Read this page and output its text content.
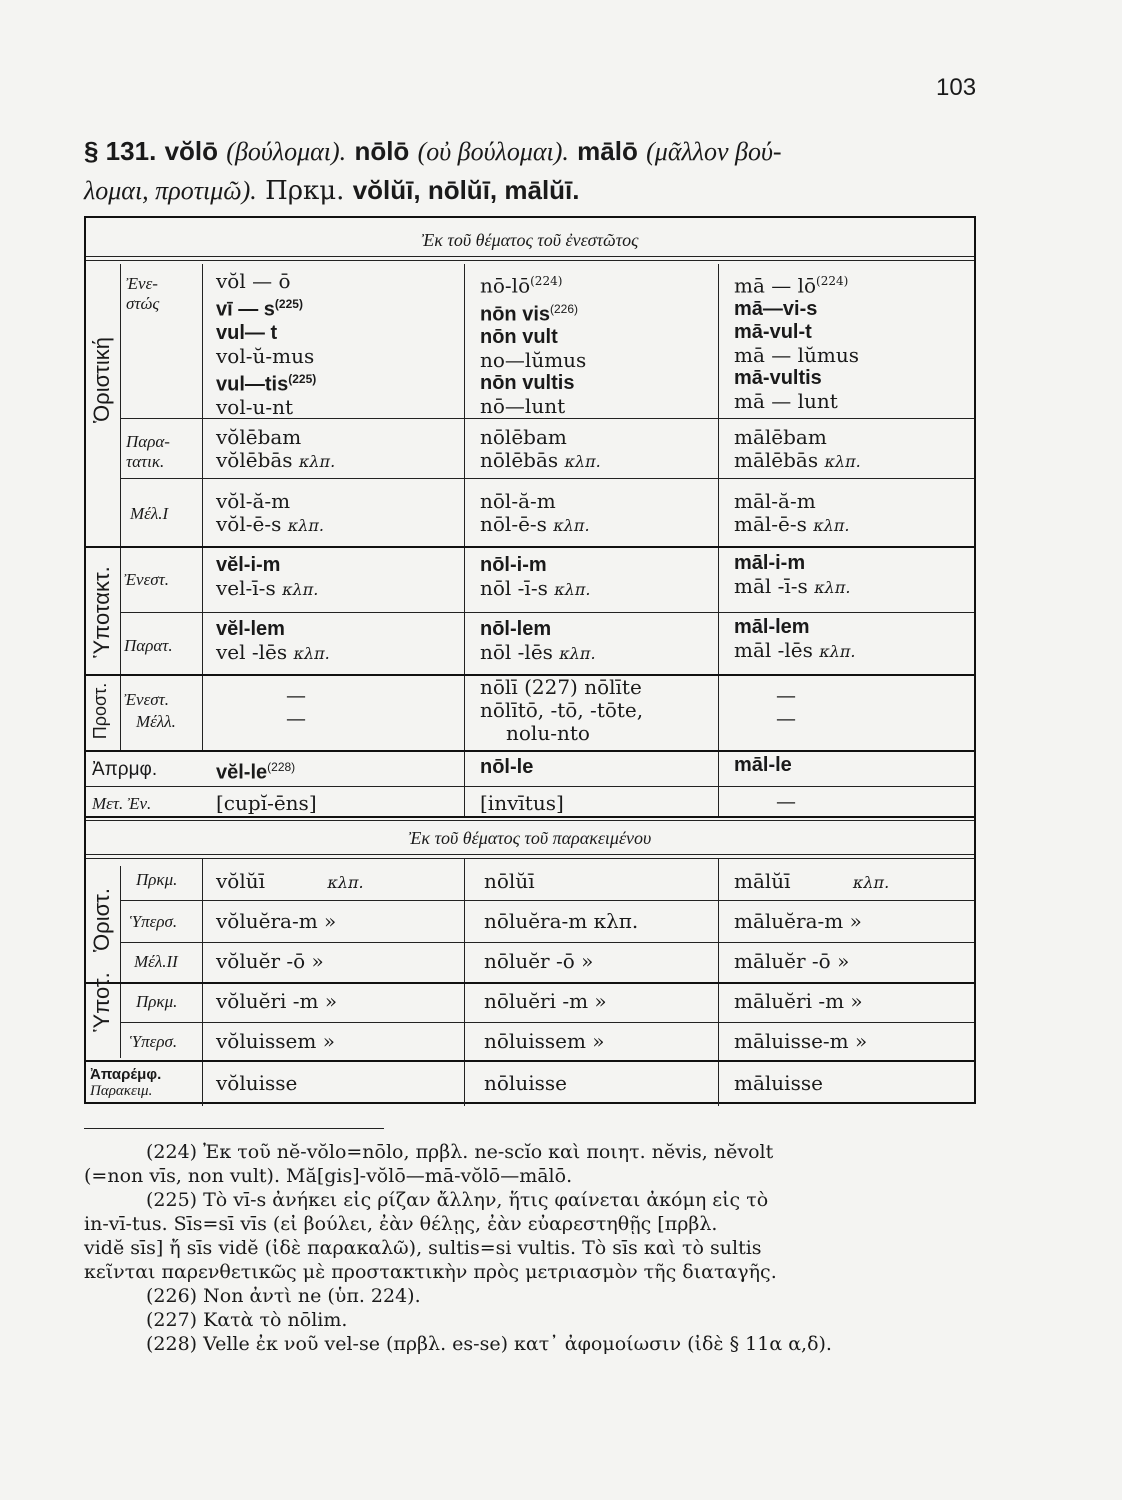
103
§ 131. vŏlō (βούλομαι). nōlō (οὐ βούλομαι). mālō (μᾶλλον βού-
λομαι, προτιμῶ). Πρκμ. vŏlŭī, nōlŭī, mālŭī.
Ἐκ τοῦ θέματος τοῦ ἐνεστῶτος
Ἐκ τοῦ θέματος τοῦ παρακειμένου
Ὁριστική
Ὑποτακτ.
Προστ.
Ὁριστ.
Ὑποτ.
Ἐνε-
στώς
Παρα-
τατικ.
Μέλ.Ι
Ἐνεστ.
Παρατ.
Ἐνεστ.
Μέλλ.
Ἀπρμφ.
Μετ. Ἐν.
Πρκμ.
Ὑπερσ.
Μέλ.ΙΙ
Πρκμ.
Ὑπερσ.
Ἀπαρέμφ.
Παρακειμ.
vŏl — ō
vī — $s^{(225)}$
vul— t
vol-ŭ-mus
vul—tis$^{(225)}$
vol-u-nt
vŏlēbam
vŏlēbās κλπ.
vŏl-ă-m
vŏl-ē-s κλπ.
vĕl-i-m
vel-ī-s κλπ.
vĕl-lem
vel -lēs κλπ.
—
—
vĕl-$le^{(228)}$
[cupĭ-ēns]
vŏlŭī	κλπ.
vŏluĕra-m »
vŏluĕr -ō »
vŏluĕri -m »
vŏluissem »
vŏluisse
$nō-lō^{(224)}$
nōn vis$^{(226)}$
nōn vult
no—lŭmus
nōn vultis
nō—lunt
nōlēbam
nōlēbās κλπ.
nōl-ă-m
nōl-ē-s κλπ.
nōl-i-m
nōl -ī-s κλπ.
nōl-lem
nōl -lēs κλπ.
nōlī (227) nōlīte
nōlītō, -tō, -tōte,
nolu-nto
nōl-le
[invītus]
nōlŭī
nōluĕra-m κλπ.
nōluĕr -ō »
nōluĕri -m »
nōluissem »
nōluisse
mā — $lō^{(224)}$
mā—vi-s
mā-vul-t
mā — lŭmus
mā-vultis
mā — lunt
mālēbam
mālēbās κλπ.
māl-ă-m
māl-ē-s κλπ.
māl-i-m
māl -ī-s κλπ.
māl-lem
māl -lēs κλπ.
—
—
māl-le
—
mālŭī	κλπ.
māluĕra-m »
māluĕr -ō »
māluĕri -m »
māluisse-m »
māluisse
(224) Ἐκ τοῦ nĕ-vŏlo=nōlo, πρβλ. ne-scĭo καὶ ποιητ. nĕvis, nĕvolt
(=non vīs, non vult). Mă[gis]-vŏlō—mā-vŏlō—mālō.
(225) Τὸ vī-s ἀνήκει εἰς ρίζαν ἄλλην, ἥτις φαίνεται ἀκόμη εἰς τὸ
in-vī-tus. Sīs=sī vīs (εἰ βούλει, ἐὰν θέλῃς, ἐὰν εὐαρεστηθῇς [πρβλ.
vidĕ sīs] ἤ sīs vidĕ (ἰδὲ παρακαλῶ), sultis=si vultis. Τὸ sīs καὶ τὸ sultis
κεῖνται παρενθετικῶς μὲ προστακτικὴν πρὸς μετριασμὸν τῆς διαταγῆς.
(226) Non ἀντὶ ne (ὑπ. 224).
(227) Κατὰ τὸ nōlim.
(228) Velle ἐκ νοῦ vel-se (πρβλ. es-se) κατ᾿ ἀφομοίωσιν (ἰδὲ § 11α α,δ).
